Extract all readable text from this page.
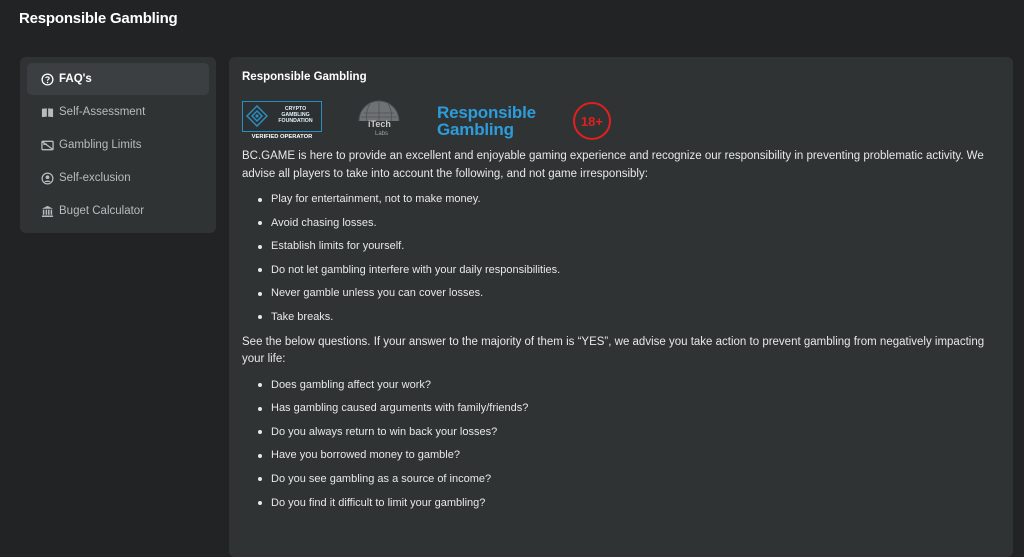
Responsible Gambling
FAQ's
Self-Assessment
Gambling Limits
Self-exclusion
Buget Calculator
Responsible Gambling
CRYPTO
GAMBLING
FOUNDATION
VERIFIED OPERATOR
iTech
Labs
Responsible
Gambling	18+

BC.GAME is here to provide an excellent and enjoyable gaming experience and recognize our responsibility in preventing problematic activity. We advise all players to take into account the following, and not game irresponsibly:

Play for entertainment, not to make money.
Avoid chasing losses.
Establish limits for yourself.
Do not let gambling interfere with your daily responsibilities.
Never gamble unless you can cover losses.
Take breaks.

See the below questions. If your answer to the majority of them is “YES”, we advise you take action to prevent gambling from negatively impacting your life:

Does gambling affect your work?
Has gambling caused arguments with family/friends?
Do you always return to win back your losses?
Have you borrowed money to gamble?
Do you see gambling as a source of income?
Do you find it difficult to limit your gambling?
